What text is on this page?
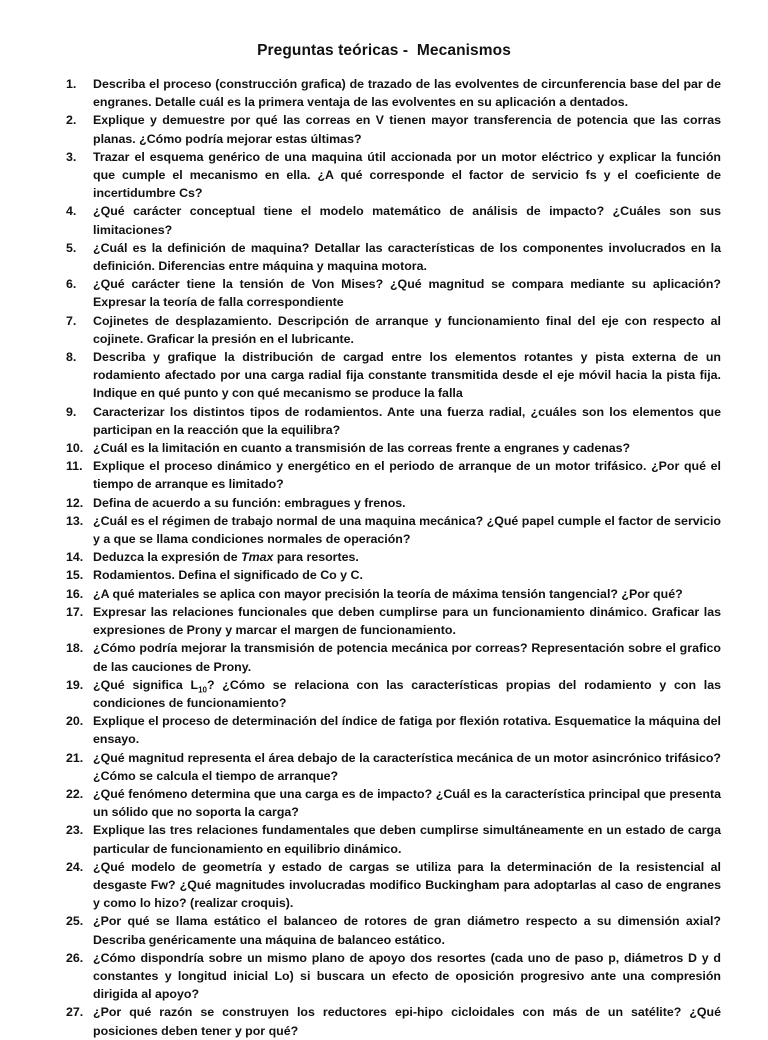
Preguntas teóricas -  Mecanismos
1.	Describa el proceso (construcción grafica) de trazado de las evolventes de circunferencia base del par de engranes. Detalle cuál es la primera ventaja de las evolventes en su aplicación a dentados.
2.	Explique y demuestre por qué las correas en V tienen mayor transferencia de potencia que las corras planas. ¿Cómo podría mejorar estas últimas?
3.	Trazar el esquema genérico de una maquina útil accionada por un motor eléctrico y explicar la función que cumple el mecanismo en ella. ¿A qué corresponde el factor de servicio fs y el coeficiente de incertidumbre Cs?
4.	¿Qué carácter conceptual tiene el modelo matemático de análisis de impacto? ¿Cuáles son sus limitaciones?
5.	¿Cuál es la definición de maquina? Detallar las características de los componentes involucrados en la definición. Diferencias entre máquina y maquina motora.
6.	¿Qué carácter tiene la tensión de Von Mises? ¿Qué magnitud se compara mediante su aplicación? Expresar la teoría de falla correspondiente
7.	Cojinetes de desplazamiento. Descripción de arranque y funcionamiento final del eje con respecto al cojinete. Graficar la presión en el lubricante.
8.	Describa y grafique la distribución de cargad entre los elementos rotantes y pista externa de un rodamiento afectado por una carga radial fija constante transmitida desde el eje móvil hacia la pista fija. Indique en qué punto y con qué mecanismo se produce la falla
9.	Caracterizar los distintos tipos de rodamientos. Ante una fuerza radial, ¿cuáles son los elementos que participan en la reacción que la equilibra?
10. ¿Cuál es la limitación en cuanto a transmisión de las correas frente a engranes y cadenas?
11. Explique el proceso dinámico y energético en el periodo de arranque de un motor trifásico. ¿Por qué el tiempo de arranque es limitado?
12. Defina de acuerdo a su función: embragues y frenos.
13. ¿Cuál es el régimen de trabajo normal de una maquina mecánica? ¿Qué papel cumple el factor de servicio y a que se llama condiciones normales de operación?
14. Deduzca la expresión de Tmax para resortes.
15. Rodamientos. Defina el significado de Co y C.
16. ¿A qué materiales se aplica con mayor precisión la teoría de máxima tensión tangencial? ¿Por qué?
17. Expresar las relaciones funcionales que deben cumplirse para un funcionamiento dinámico. Graficar las expresiones de Prony y marcar el margen de funcionamiento.
18. ¿Cómo podría mejorar la transmisión de potencia mecánica por correas? Representación sobre el grafico de las cauciones de Prony.
19. ¿Qué significa $L_{10}$? ¿Cómo se relaciona con las características propias del rodamiento y con las condiciones de funcionamiento?
20. Explique el proceso de determinación del índice de fatiga por flexión rotativa. Esquematice la máquina del ensayo.
21. ¿Qué magnitud representa el área debajo de la característica mecánica de un motor asincrónico trifásico? ¿Cómo se calcula el tiempo de arranque?
22. ¿Qué fenómeno determina que una carga es de impacto? ¿Cuál es la característica principal que presenta un sólido que no soporta la carga?
23. Explique las tres relaciones fundamentales que deben cumplirse simultáneamente en un estado de carga particular de funcionamiento en equilibrio dinámico.
24. ¿Qué modelo de geometría y estado de cargas se utiliza para la determinación de la resistencial al desgaste Fw? ¿Qué magnitudes involucradas modifico Buckingham para adoptarlas al caso de engranes y como lo hizo? (realizar croquis).
25. ¿Por qué se llama estático el balanceo de rotores de gran diámetro respecto a su dimensión axial? Describa genéricamente una máquina de balanceo estático.
26. ¿Cómo dispondría sobre un mismo plano de apoyo dos resortes (cada uno de paso p, diámetros D y d constantes y longitud inicial Lo) si buscara un efecto de oposición progresivo ante una compresión dirigida al apoyo?
27. ¿Por qué razón se construyen los reductores epi-hipo cicloidales con más de un satélite? ¿Qué posiciones deben tener y por qué?
